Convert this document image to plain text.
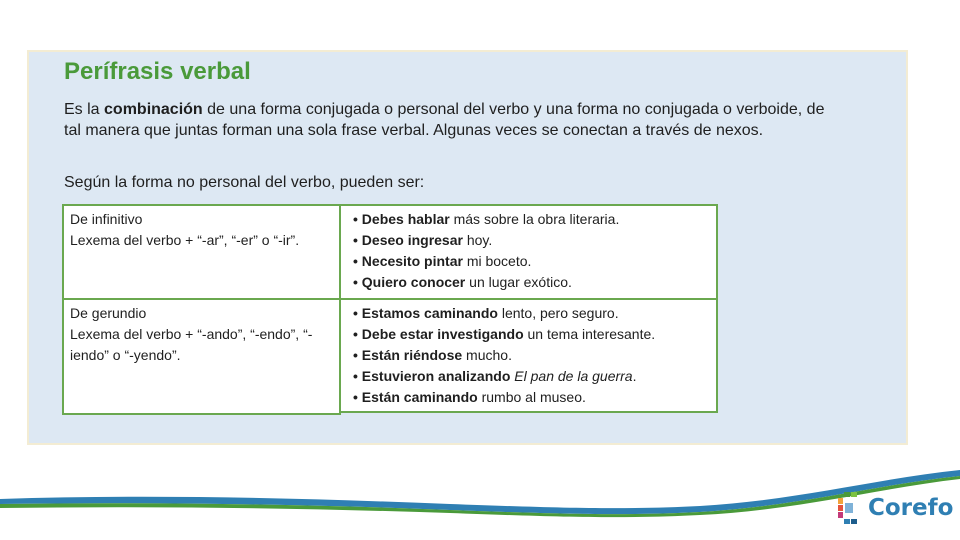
Perífrasis verbal

Es la combinación de una forma conjugada o personal del verbo y una forma no conjugada o verboide, de tal manera que juntas forman una sola frase verbal. Algunas veces se conectan a través de nexos.

Según la forma no personal del verbo, pueden ser:

De infinitivo

Lexema del verbo + “-ar”, “-er” o “-ir”.

• Debes hablar más sobre la obra literaria.

• Deseo ingresar hoy.

• Necesito pintar mi boceto.

• Quiero conocer un lugar exótico.

De gerundio

Lexema del verbo + “-ando”, “-endo”, “-iendo” o “-yendo”.

• Estamos caminando lento, pero seguro.

• Debe estar investigando un tema interesante.

• Están riéndose mucho.

• Estuvieron analizando El pan de la guerra.

• Están caminando rumbo al museo.

Corefo
